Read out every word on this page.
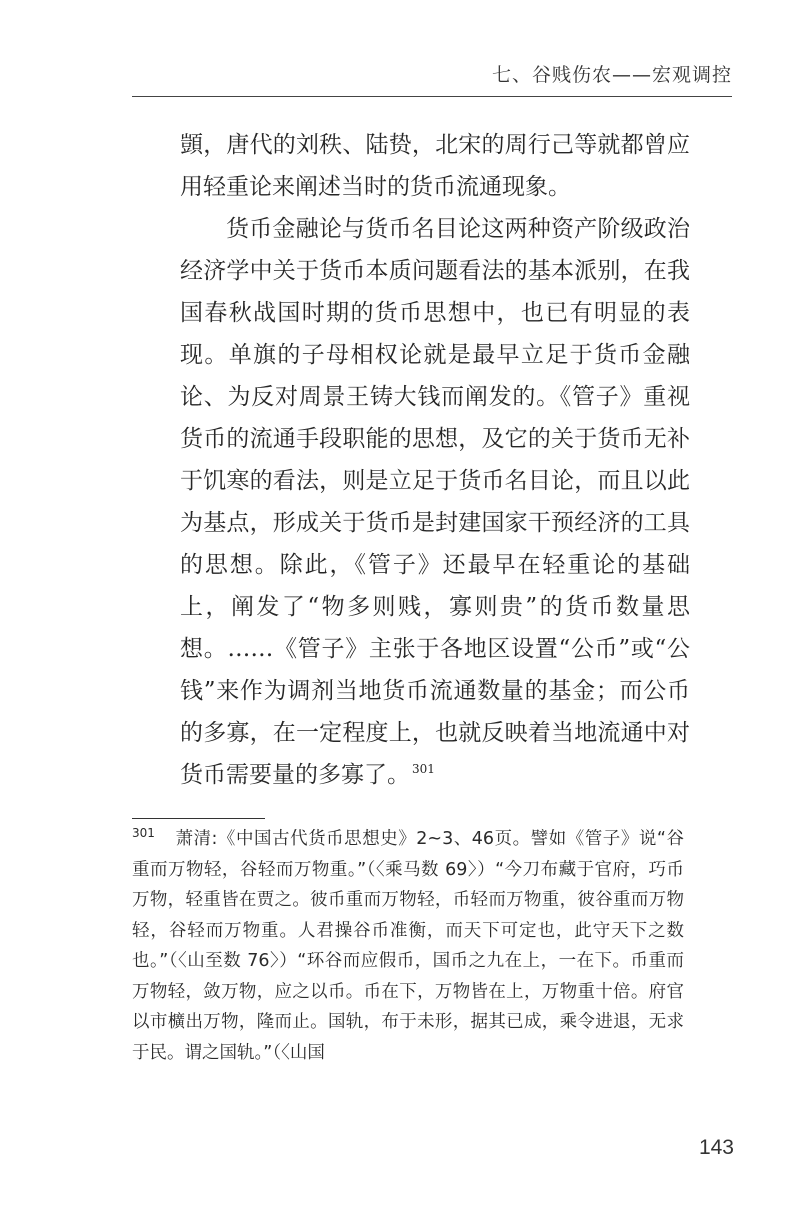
七、谷贱伤农——宏观调控

顗，唐代的刘秩、陆贽，北宋的周行己等就都曾应用轻重论来阐述当时的货币流通现象。

货币金融论与货币名目论这两种资产阶级政治经济学中关于货币本质问题看法的基本派别，在我国春秋战国时期的货币思想中，也已有明显的表现。单旗的子母相权论就是最早立足于货币金融论、为反对周景王铸大钱而阐发的。《管子》重视货币的流通手段职能的思想，及它的关于货币无补于饥寒的看法，则是立足于货币名目论，而且以此为基点，形成关于货币是封建国家干预经济的工具的思想。除此，《管子》还最早在轻重论的基础上，阐发了“物多则贱，寡则贵”的货币数量思想。……《管子》主张于各地区设置“公币”或“公钱”来作为调剂当地货币流通数量的基金；而公币的多寡，在一定程度上，也就反映着当地流通中对货币需要量的多寡了。 $^{301}$

$^{301}$ 萧清:《中国古代货币思想史》2~3、46页。譬如《管子》说“谷重而万物轻，谷轻而万物重。”（〈乘马数 69〉）“今刀布藏于官府，巧币万物，轻重皆在贾之。彼币重而万物轻，币轻而万物重，彼谷重而万物轻，谷轻而万物重。人君操谷币准衡，而天下可定也，此守天下之数也。”（〈山至数 76〉）“环谷而应假币，国币之九在上，一在下。币重而万物轻，敛万物，应之以币。币在下，万物皆在上，万物重十倍。府官以市櫎出万物，隆而止。国轨，布于未形，据其已成，乘令进退，无求于民。谓之国轨。”（〈山国

143
